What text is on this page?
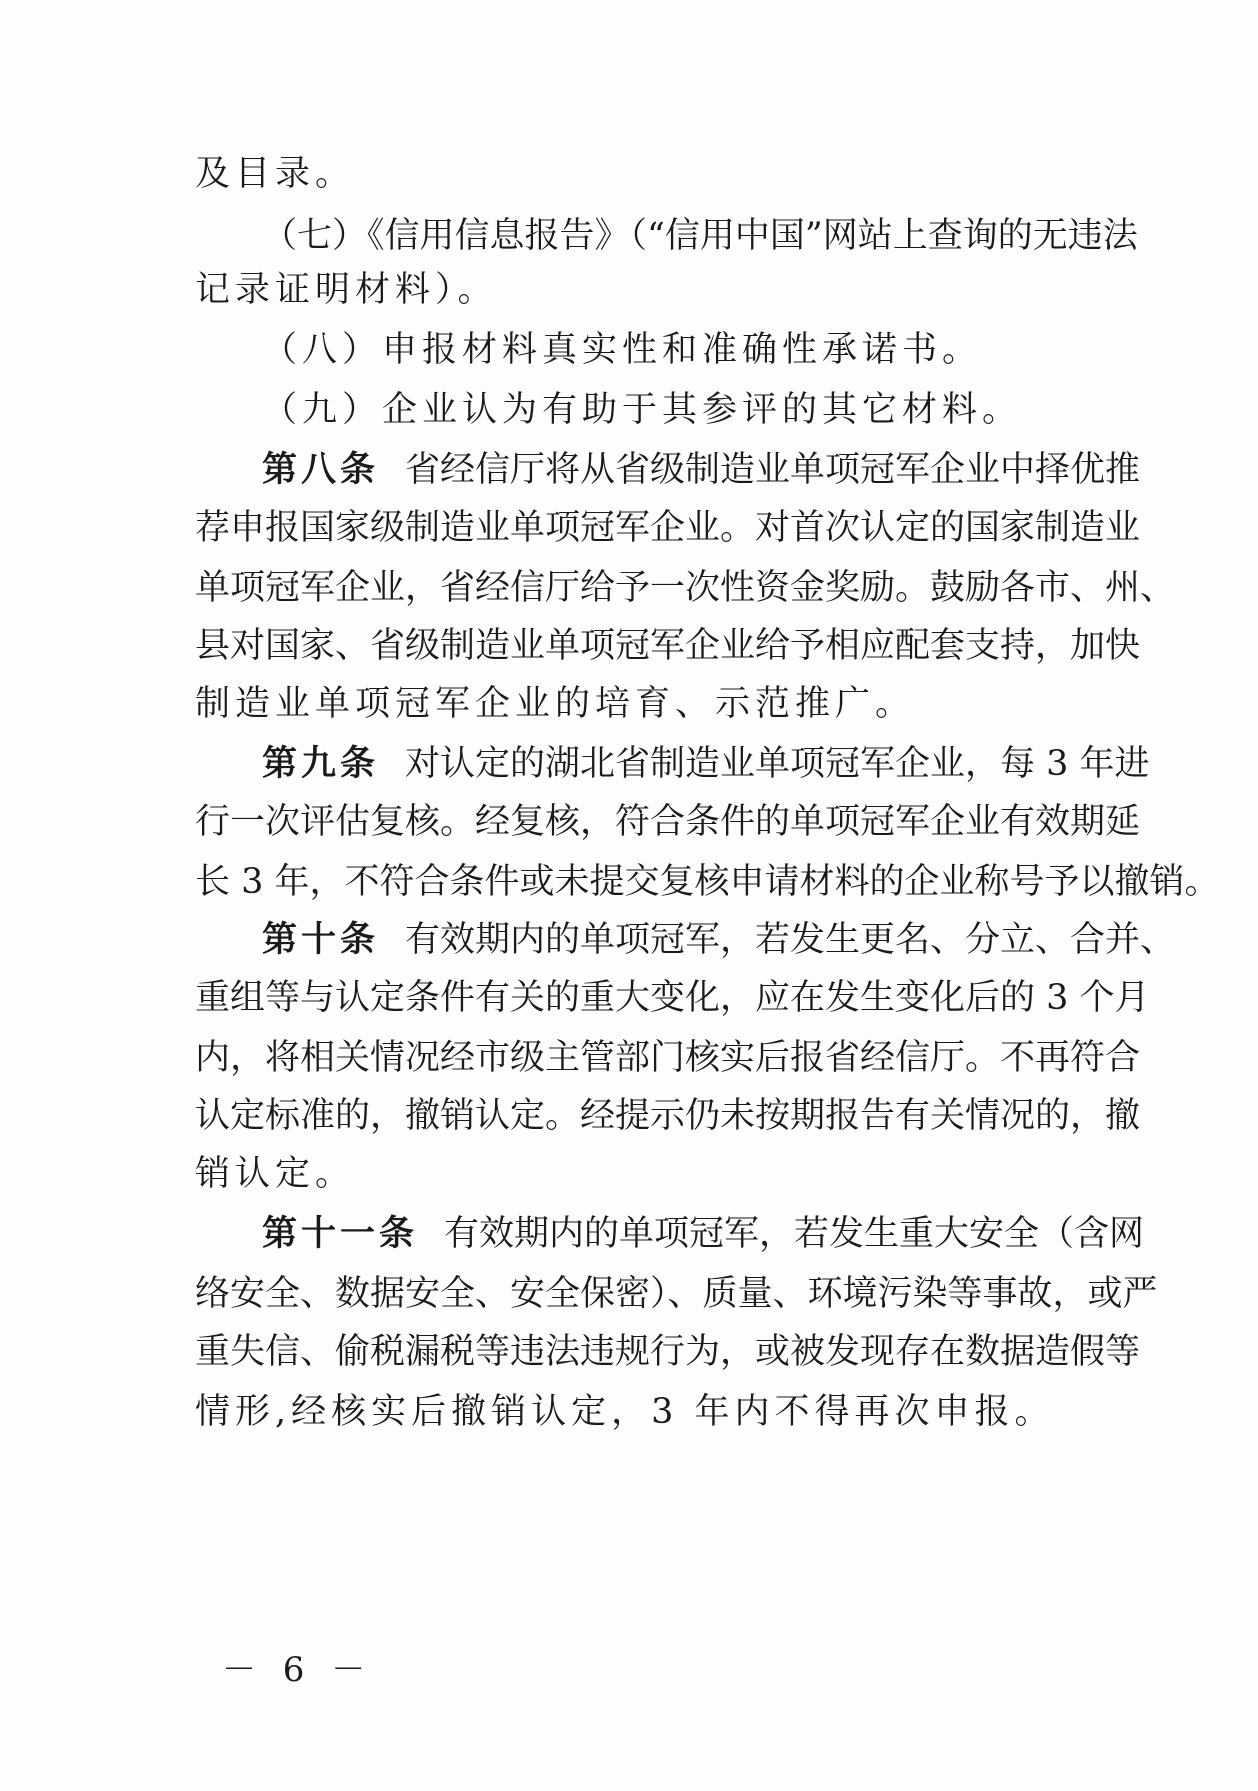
及目录。
（七）《信用信息报告》（“信用中国”网站上查询的无违法
记录证明材料）。
（八）申报材料真实性和准确性承诺书。
（九）企业认为有助于其参评的其它材料。
第八条 省经信厅将从省级制造业单项冠军企业中择优推
荐申报国家级制造业单项冠军企业。对首次认定的国家制造业
单项冠军企业，省经信厅给予一次性资金奖励。鼓励各市、州、
县对国家、省级制造业单项冠军企业给予相应配套支持，加快
制造业单项冠军企业的培育、示范推广。
第九条 对认定的湖北省制造业单项冠军企业，每 3 年进
行一次评估复核。经复核，符合条件的单项冠军企业有效期延
长 3 年，不符合条件或未提交复核申请材料的企业称号予以撤销。
第十条 有效期内的单项冠军，若发生更名、分立、合并、
重组等与认定条件有关的重大变化，应在发生变化后的 3 个月
内，将相关情况经市级主管部门核实后报省经信厅。不再符合
认定标准的，撤销认定。经提示仍未按期报告有关情况的，撤
销认定。
第十一条 有效期内的单项冠军，若发生重大安全（含网
络安全、数据安全、安全保密）、质量、环境污染等事故，或严
重失信、偷税漏税等违法违规行为，或被发现存在数据造假等
情形,经核实后撤销认定，3 年内不得再次申报。
－ 6 －
